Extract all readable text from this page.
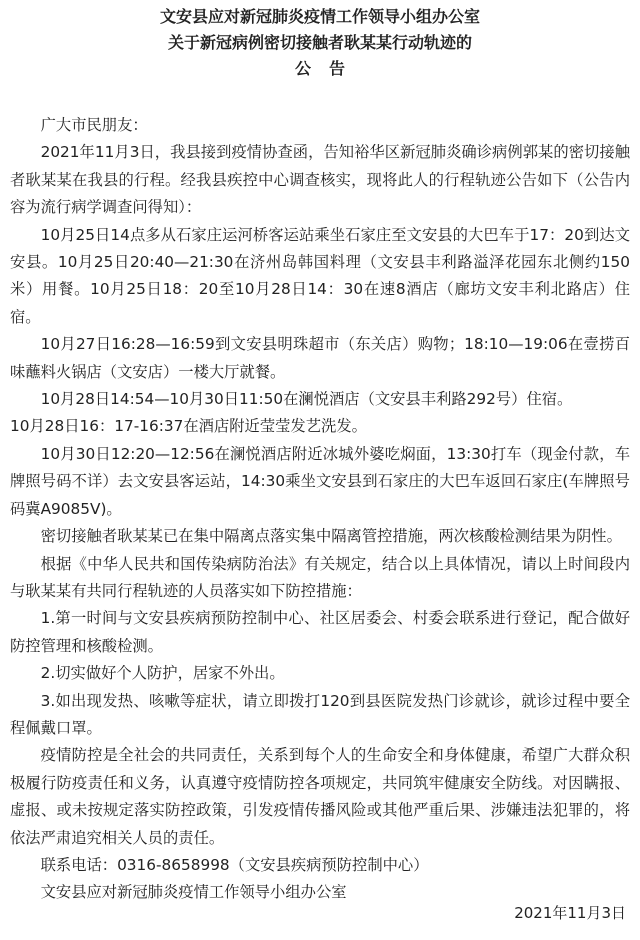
文安县应对新冠肺炎疫情工作领导小组办公室
关于新冠病例密切接触者耿某某行动轨迹的
公告

广大市民朋友：

2021年11月3日，我县接到疫情协查函，告知裕华区新冠肺炎确诊病例郭某的密切接触者耿某某在我县的行程。经我县疾控中心调查核实，现将此人的行程轨迹公告如下（公告内容为流行病学调查问得知）：

10月25日14点多从石家庄运河桥客运站乘坐石家庄至文安县的大巴车于17：20到达文安县。10月25日20:40—21:30在济州岛韩国料理（文安县丰利路溢泽花园东北侧约150米）用餐。10月25日18：20至10月28日14：30在速8酒店（廊坊文安丰利北路店）住宿。

10月27日16:28—16:59到文安县明珠超市（东关店）购物；18:10—19:06在壹捞百味蘸料火锅店（文安店）一楼大厅就餐。

10月28日14:54—10月30日11:50在澜悦酒店（文安县丰利路292号）住宿。

10月28日16：17-16:37在酒店附近莹莹发艺洗发。

10月30日12:20—12:56在澜悦酒店附近冰城外婆吃焖面，13:30打车（现金付款，车牌照号码不详）去文安县客运站，14:30乘坐文安县到石家庄的大巴车返回石家庄(车牌照号码冀A9085V)。

密切接触者耿某某已在集中隔离点落实集中隔离管控措施，两次核酸检测结果为阴性。

根据《中华人民共和国传染病防治法》有关规定，结合以上具体情况，请以上时间段内与耿某某有共同行程轨迹的人员落实如下防控措施：

1.第一时间与文安县疾病预防控制中心、社区居委会、村委会联系进行登记，配合做好防控管理和核酸检测。

2.切实做好个人防护，居家不外出。

3.如出现发热、咳嗽等症状，请立即拨打120到县医院发热门诊就诊，就诊过程中要全程佩戴口罩。

疫情防控是全社会的共同责任，关系到每个人的生命安全和身体健康，希望广大群众积极履行防疫责任和义务，认真遵守疫情防控各项规定，共同筑牢健康安全防线。对因瞒报、虚报、或未按规定落实防控政策，引发疫情传播风险或其他严重后果、涉嫌违法犯罪的，将依法严肃追究相关人员的责任。

联系电话：0316-8658998（文安县疾病预防控制中心）

文安县应对新冠肺炎疫情工作领导小组办公室

2021年11月3日
